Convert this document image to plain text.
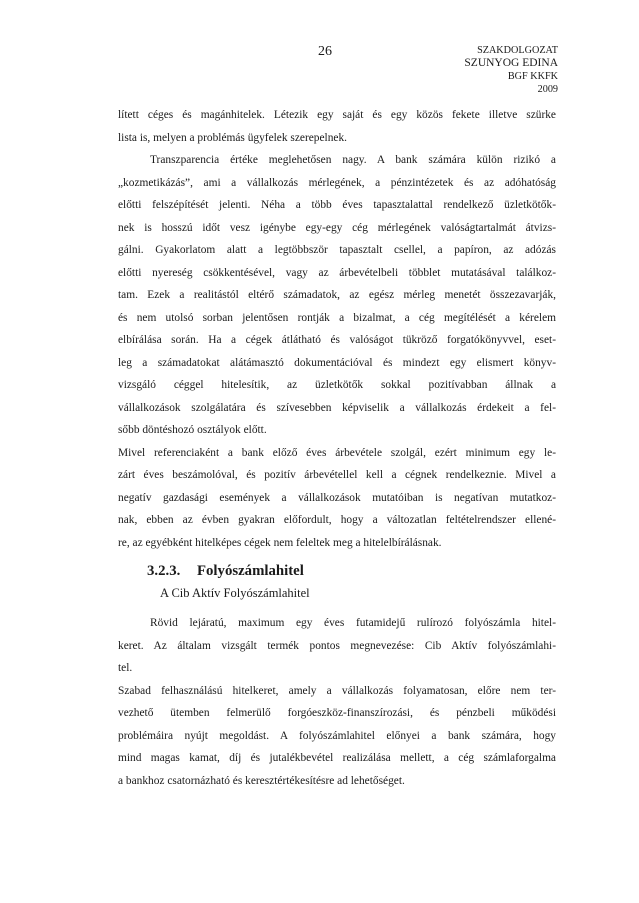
26	SZAKDOLGOZAT
SZUNYOG EDINA
BGF KKFK
2009
lített céges és magánhitelek. Létezik egy saját és egy közös fekete illetve szürke
lista is, melyen a problémás ügyfelek szerepelnek.
Transzparencia értéke meglehetősen nagy. A bank számára külön rizikó a
„kozmetikázás”, ami a vállalkozás mérlegének, a pénzintézetek és az adóhatóság
előtti felszépítését jelenti. Néha a több éves tapasztalattal rendelkező üzletkötők-
nek is hosszú időt vesz igénybe egy-egy cég mérlegének valóságtartalmát átvizs-
gálni. Gyakorlatom alatt a legtöbbször tapasztalt csellel, a papíron, az adózás
előtti nyereség csökkentésével, vagy az árbevételbeli többlet mutatásával találkoz-
tam. Ezek a realitástól eltérő számadatok, az egész mérleg menetét összezavarják,
és nem utolsó sorban jelentősen rontják a bizalmat, a cég megítélését a kérelem
elbírálása során. Ha a cégek átlátható és valóságot tükröző forgatókönyvvel, eset-
leg a számadatokat alátámasztó dokumentációval és mindezt egy elismert könyv-
vizsgáló céggel hitelesítik, az üzletkötők sokkal pozitívabban állnak a
vállalkozások szolgálatára és szívesebben képviselik a vállalkozás érdekeit a fel-
sőbb döntéshozó osztályok előtt.
Mivel referenciaként a bank előző éves árbevétele szolgál, ezért minimum egy le-
zárt éves beszámolóval, és pozitív árbevétellel kell a cégnek rendelkeznie. Mivel a
negatív gazdasági események a vállalkozások mutatóiban is negatívan mutatkoz-
nak, ebben az évben gyakran előfordult, hogy a változatlan feltételrendszer ellené-
re, az egyébként hitelképes cégek nem feleltek meg a hitelelbírálásnak.
3.2.3. Folyószámlahitel
A Cib Aktív Folyószámlahitel
Rövid lejáratú, maximum egy éves futamidejű rulírozó folyószámla hitel-
keret. Az általam vizsgált termék pontos megnevezése: Cib Aktív folyószámlahi-
tel.
Szabad felhasználású hitelkeret, amely a vállalkozás folyamatosan, előre nem ter-
vezhető ütemben felmerülő forgóeszköz-finanszírozási, és pénzbeli működési
problémáira nyújt megoldást. A folyószámlahitel előnyei a bank számára, hogy
mind magas kamat, díj és jutalékbevétel realizálása mellett, a cég számlaforgalma
a bankhoz csatornázható és keresztértékesítésre ad lehetőséget.
